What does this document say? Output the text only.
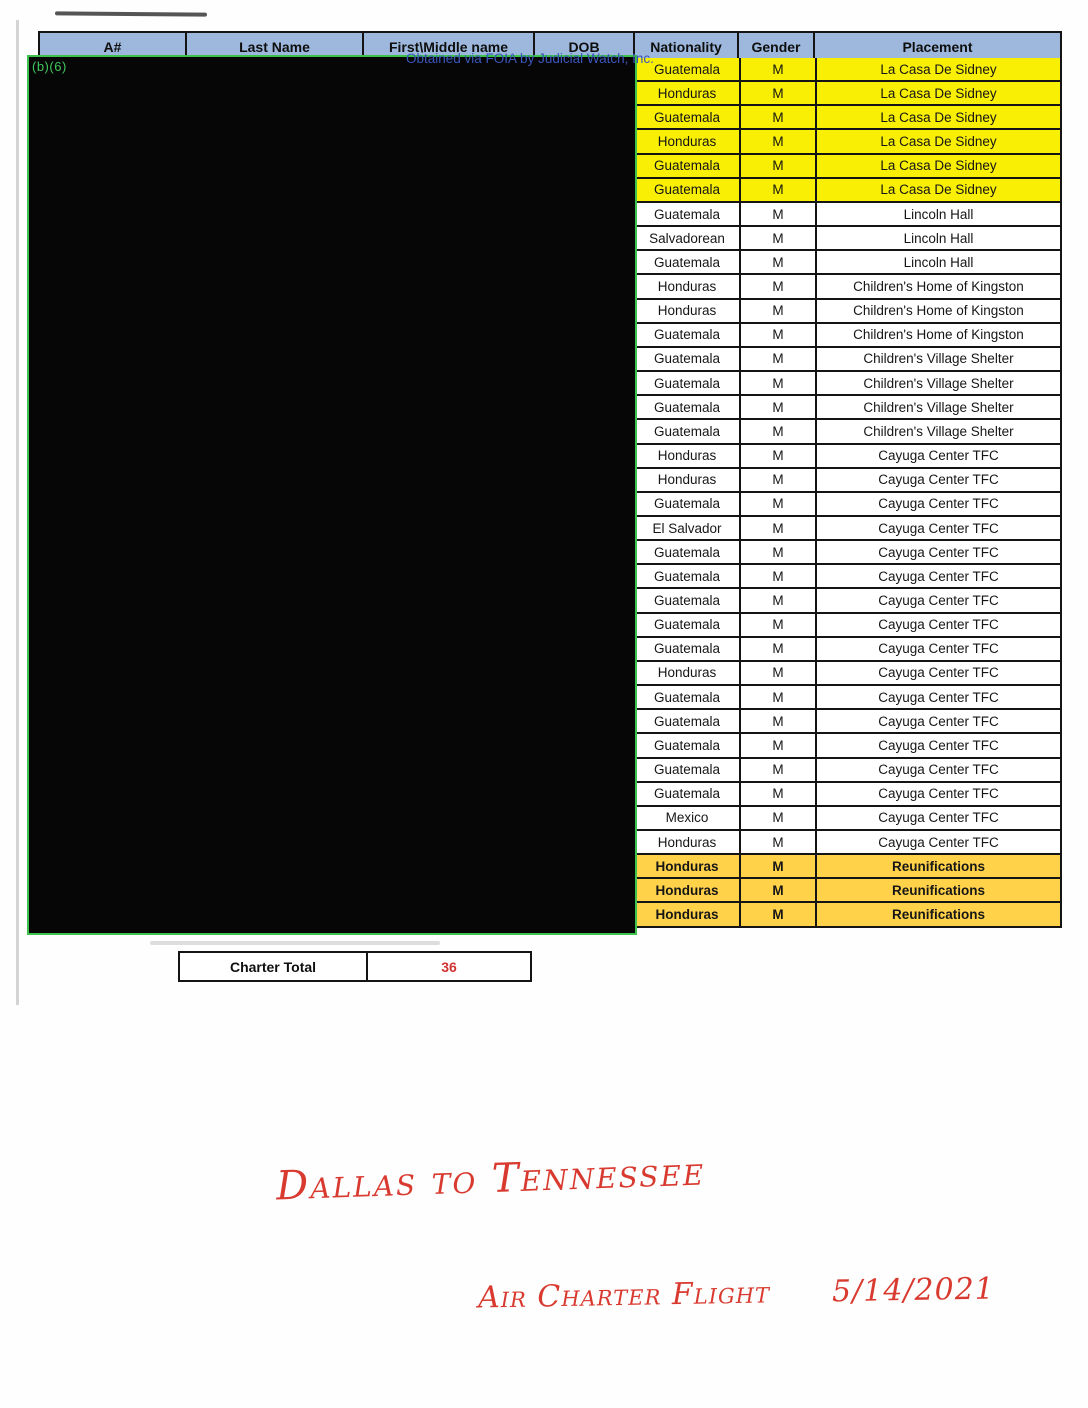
A#	Last Name	First\Middle name	DOB	Nationality	Gender	Placement
Guatemala	M	La Casa De Sidney
Honduras	M	La Casa De Sidney
Guatemala	M	La Casa De Sidney
Honduras	M	La Casa De Sidney
Guatemala	M	La Casa De Sidney
Guatemala	M	La Casa De Sidney
Guatemala	M	Lincoln Hall
Salvadorean	M	Lincoln Hall
Guatemala	M	Lincoln Hall
Honduras	M	Children's Home of Kingston
Honduras	M	Children's Home of Kingston
Guatemala	M	Children's Home of Kingston
Guatemala	M	Children's Village Shelter
Guatemala	M	Children's Village Shelter
Guatemala	M	Children's Village Shelter
Guatemala	M	Children's Village Shelter
Honduras	M	Cayuga Center TFC
Honduras	M	Cayuga Center TFC
Guatemala	M	Cayuga Center TFC
El Salvador	M	Cayuga Center TFC
Guatemala	M	Cayuga Center TFC
Guatemala	M	Cayuga Center TFC
Guatemala	M	Cayuga Center TFC
Guatemala	M	Cayuga Center TFC
Guatemala	M	Cayuga Center TFC
Honduras	M	Cayuga Center TFC
Guatemala	M	Cayuga Center TFC
Guatemala	M	Cayuga Center TFC
Guatemala	M	Cayuga Center TFC
Guatemala	M	Cayuga Center TFC
Guatemala	M	Cayuga Center TFC
Mexico	M	Cayuga Center TFC
Honduras	M	Cayuga Center TFC
Honduras	M	Reunifications
Honduras	M	Reunifications
Honduras	M	Reunifications
(b)(6)
Obtained via FOIA by Judicial Watch, Inc.
Charter Total	36
Dallas to Tennessee
Air Charter Flight 5/14/2021
